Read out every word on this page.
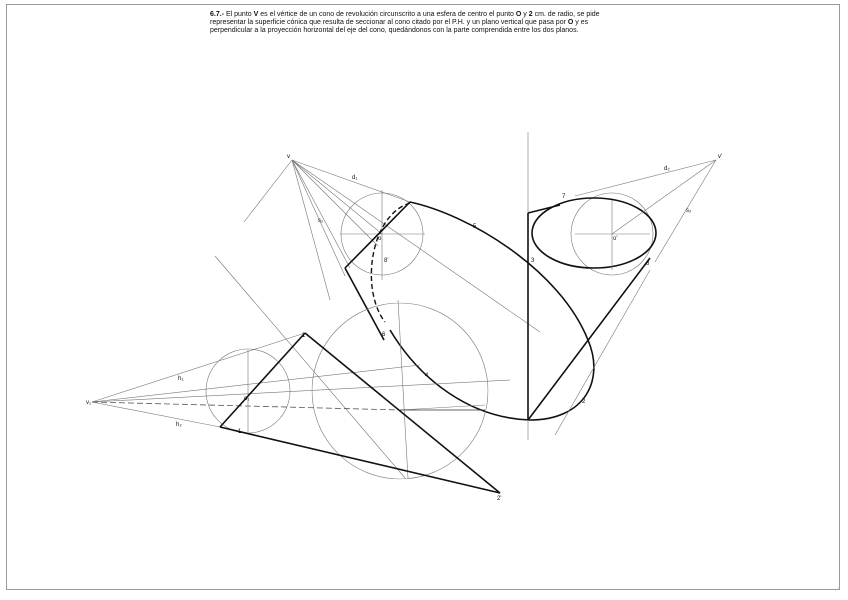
6.7.- El punto V es el vértice de un cono de revolución circunscrito a una esfera de centro el punto O y 2 cm. de radio, se pide representar la superficie cónica que resulta de seccionar al cono citado por el P.H. y un plano vertical que pasa por O y es perpendicular a la proyección horizontal del eje del cono, quedándonos con la parte comprendida entre los dos planos.
v	v'
v₁
o	o'
o₁
1
2
3
4
5
6
7
8
1'
2'
8'
d₁
d₂
s₁
s₂
h₁
h₂
⟋
